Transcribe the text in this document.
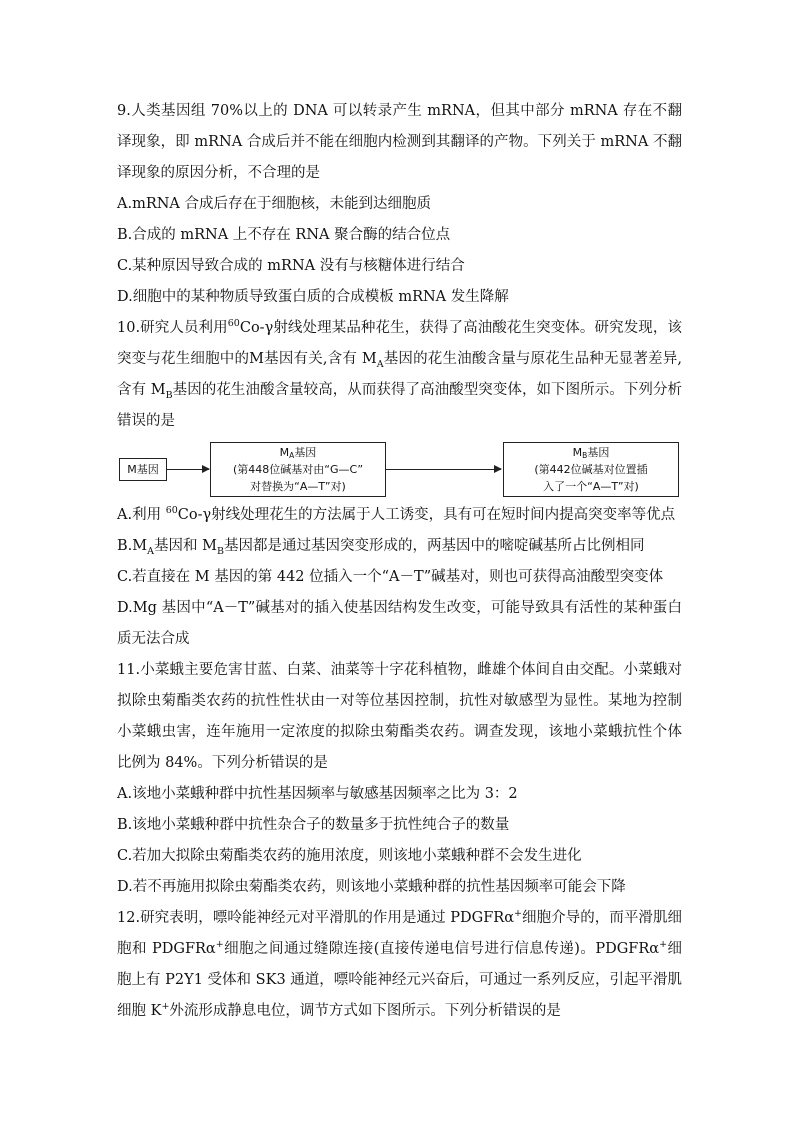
9.人类基因组 70%以上的 DNA 可以转录产生 mRNA，但其中部分 mRNA 存在不翻译现象，即 mRNA 合成后并不能在细胞内检测到其翻译的产物。下列关于 mRNA 不翻译现象的原因分析，不合理的是
A.mRNA 合成后存在于细胞核，未能到达细胞质
B.合成的 mRNA 上不存在 RNA 聚合酶的结合位点
C.某种原因导致合成的 mRNA 没有与核糖体进行结合
D.细胞中的某种物质导致蛋白质的合成模板 mRNA 发生降解
10.研究人员利用$^{60}$Co-γ射线处理某品种花生，获得了高油酸花生突变体。研究发现，该突变与花生细胞中的M基因有关,含有 $M_A$基因的花生油酸含量与原花生品种无显著差异,含有 $M_B$基因的花生油酸含量较高，从而获得了高油酸型突变体，如下图所示。下列分析错误的是
M基因
MA基因
(第448位碱基对由“G—C”
对替换为“A—T”对)
MB基因
(第442位碱基对位置插
入了一个“A—T”对)
A.利用 $^{60}$Co-γ射线处理花生的方法属于人工诱变，具有可在短时间内提高突变率等优点
$B.M_A$基因和 $M_B$基因都是通过基因突变形成的，两基因中的嘧啶碱基所占比例相同
C.若直接在 M 基因的第 442 位插入一个“A－T”碱基对，则也可获得高油酸型突变体
D.Mg 基因中“A－T”碱基对的插入使基因结构发生改变，可能导致具有活性的某种蛋白质无法合成
11.小菜蛾主要危害甘蓝、白菜、油菜等十字花科植物，雌雄个体间自由交配。小菜蛾对拟除虫菊酯类农药的抗性性状由一对等位基因控制，抗性对敏感型为显性。某地为控制小菜蛾虫害，连年施用一定浓度的拟除虫菊酯类农药。调查发现，该地小菜蛾抗性个体比例为 84%。下列分析错误的是
A.该地小菜蛾种群中抗性基因频率与敏感基因频率之比为 3：2
B.该地小菜蛾种群中抗性杂合子的数量多于抗性纯合子的数量
C.若加大拟除虫菊酯类农药的施用浓度，则该地小菜蛾种群不会发生进化
D.若不再施用拟除虫菊酯类农药，则该地小菜蛾种群的抗性基因频率可能会下降
12.研究表明，嘌呤能神经元对平滑肌的作用是通过 PDGFRα+细胞介导的，而平滑肌细胞和 PDGFRα+细胞之间通过缝隙连接(直接传递电信号进行信息传递)。PDGFRα+细胞上有 P2Y1 受体和 SK3 通道，嘌呤能神经元兴奋后，可通过一系列反应，引起平滑肌细胞 K+外流形成静息电位，调节方式如下图所示。下列分析错误的是
